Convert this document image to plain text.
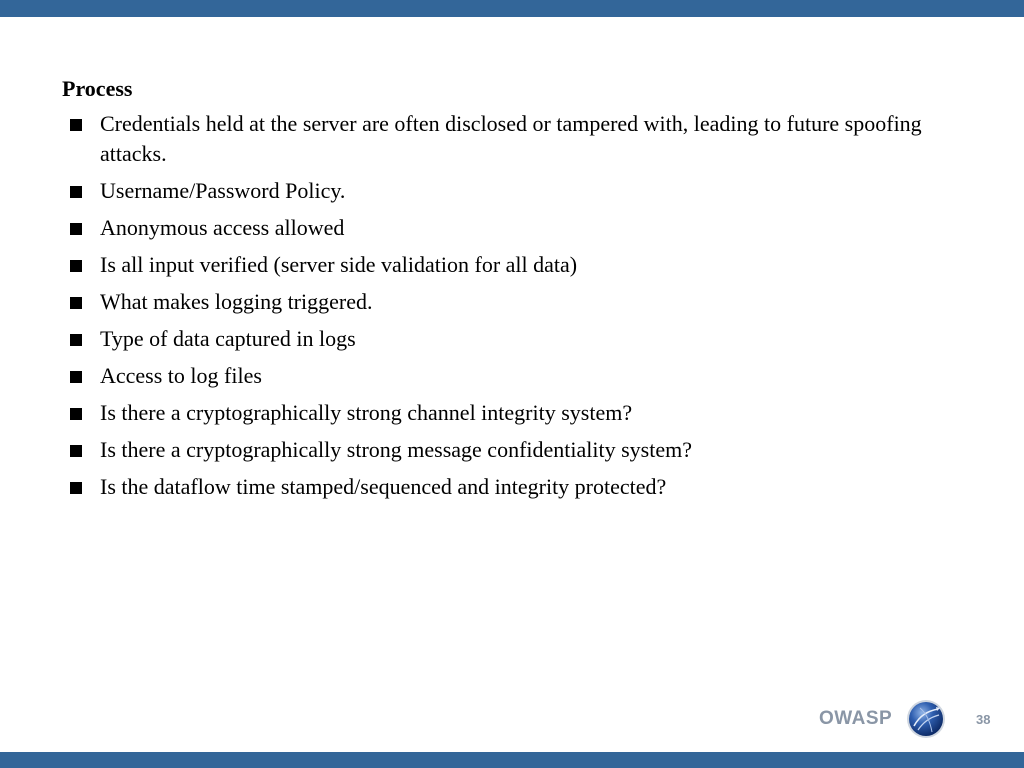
Process
Credentials held at the server are often disclosed or tampered with, leading to future spoofing attacks.
Username/Password Policy.
Anonymous access allowed
Is all input verified (server side validation for all data)
What makes logging triggered.
Type of data captured in logs
Access to log files
Is there a cryptographically strong channel integrity system?
Is there a cryptographically strong message confidentiality system?
Is the dataflow time stamped/sequenced and integrity protected?
OWASP	38
